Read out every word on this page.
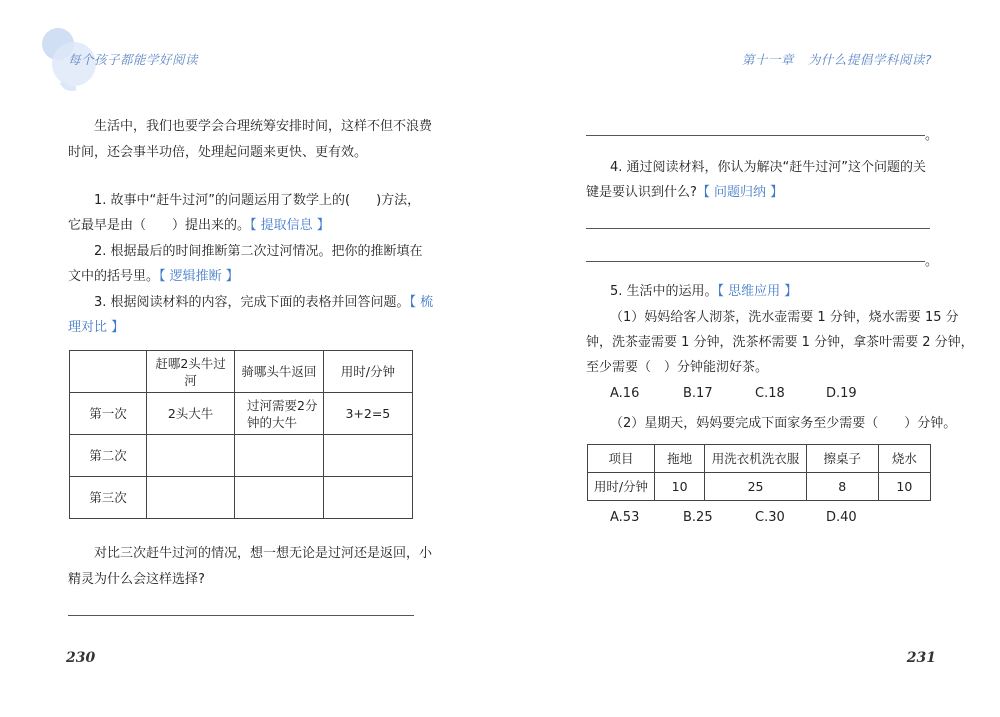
每个孩子都能学好阅读

生活中，我们也要学会合理统筹安排时间，这样不但不浪费

时间，还会事半功倍，处理起问题来更快、更有效。

1. 故事中“赶牛过河”的问题运用了数学上的(　　)方法，

它最早是由（　　）提出来的。【 提取信息 】

2. 根据最后的时间推断第二次过河情况。把你的推断填在

文中的括号里。【 逻辑推断 】

3. 根据阅读材料的内容，完成下面的表格并回答问题。【 梳

理对比 】

	赶哪2头牛过河	骑哪头牛返回	用时/分钟
第一次	2头大牛	过河需要2分钟的大牛	3+2=5
第二次			
第三次			

对比三次赶牛过河的情况，想一想无论是过河还是返回，小

精灵为什么会这样选择?

230
第十一章 为什么提倡学科阅读?
。

4. 通过阅读材料，你认为解决“赶牛过河”这个问题的关

键是要认识到什么?【 问题归纳 】

。

5. 生活中的运用。【 思维应用 】

（1）妈妈给客人沏茶，洗水壶需要 1 分钟，烧水需要 15 分

钟，洗茶壶需要 1 分钟，洗茶杯需要 1 分钟，拿茶叶需要 2 分钟，

至少需要（　）分钟能沏好茶。

A.16	B.17	C.18	D.19

（2）星期天，妈妈要完成下面家务至少需要（　　）分钟。

项目	拖地	用洗衣机洗衣服	擦桌子	烧水
用时/分钟	10	25	8	10

A.53	B.25	C.30	D.40

231
